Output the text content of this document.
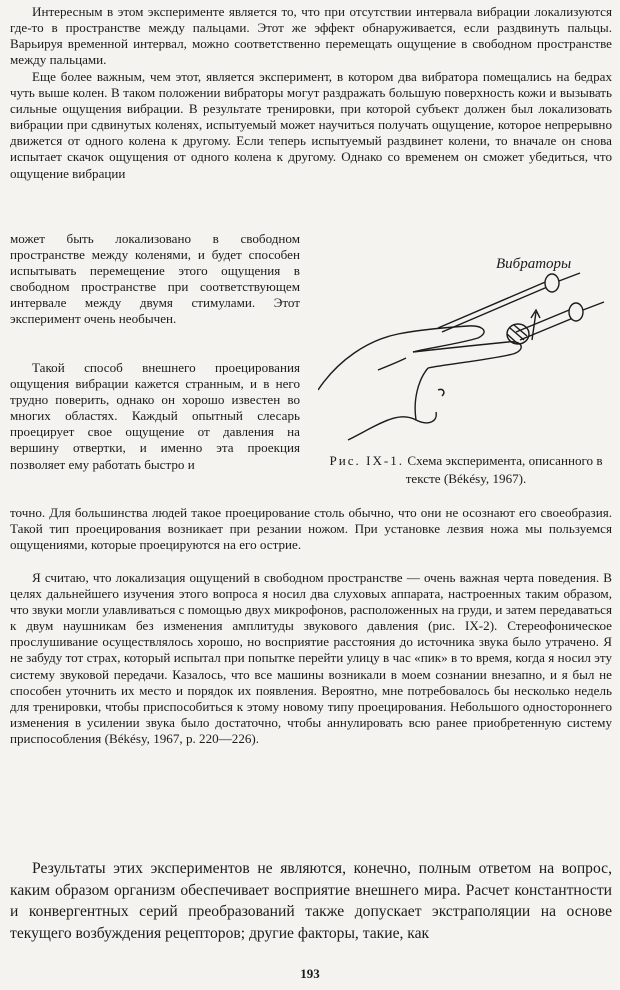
Интересным в этом эксперименте является то, что при отсутствии интервала вибрации локализуются где-то в пространстве между пальцами. Этот же эффект обнаруживается, если раздвинуть пальцы. Варьируя временной интервал, можно соответственно перемещать ощущение в свободном пространстве между пальцами.

Еще более важным, чем этот, является эксперимент, в котором два вибратора помещались на бедрах чуть выше колен. В таком положении вибраторы могут раздражать большую поверхность кожи и вызывать сильные ощущения вибрации. В результате тренировки, при которой субъект должен был локализовать вибрации при сдвинутых коленях, испытуемый может научиться получать ощущение, которое непрерывно движется от одного колена к другому. Если теперь испытуемый раздвинет колени, то вначале он снова испытает скачок ощущения от одного колена к другому. Однако со временем он сможет убедиться, что ощущение вибрации

может быть локализовано в свободном пространстве между коленями, и будет способен испытывать перемещение этого ощущения в свободном пространстве при соответствующем интервале между двумя стимулами. Этот эксперимент очень необычен.

Такой способ внешнего проецирования ощущения вибрации кажется странным, и в него трудно поверить, однако он хорошо известен во многих областях. Каждый опытный слесарь проецирует свое ощущение от давления на вершину отвертки, и именно эта проекция позволяет ему работать быстро и

точно. Для большинства людей такое проецирование столь обычно, что они не осознают его своеобразия. Такой тип проецирования возникает при резании ножом. При установке лезвия ножа мы пользуемся ощущениями, которые проецируются на его острие.

Я считаю, что локализация ощущений в свободном пространстве — очень важная черта поведения. В целях дальнейшего изучения этого вопроса я носил два слуховых аппарата, настроенных таким образом, что звуки могли улавливаться с помощью двух микрофонов, расположенных на груди, и затем передаваться к двум наушникам без изменения амплитуды звукового давления (рис. IX-2). Стереофоническое прослушивание осуществлялось хорошо, но восприятие расстояния до источника звука было утрачено. Я не забуду тот страх, который испытал при попытке перейти улицу в час «пик» в то время, когда я носил эту систему звуковой передачи. Казалось, что все машины возникали в моем сознании внезапно, и я был не способен уточнить их место и порядок их появления. Вероятно, мне потребовалось бы несколько недель для тренировки, чтобы приспособиться к этому новому типу проецирования. Небольшого одностороннего изменения в усилении звука было достаточно, чтобы аннулировать всю ранее приобретенную систему приспособления (Békésy, 1967, р. 220—226).

Вибраторы
Рис. IX-1. Схема эксперимента, описанного в тексте (Békésy, 1967).

Результаты этих экспериментов не являются, конечно, полным ответом на вопрос, каким образом организм обеспечивает восприятие внешнего мира. Расчет константности и конвергентных серий преобразований также допускает экстраполяции на основе текущего возбуждения рецепторов; другие факторы, такие, как

193
